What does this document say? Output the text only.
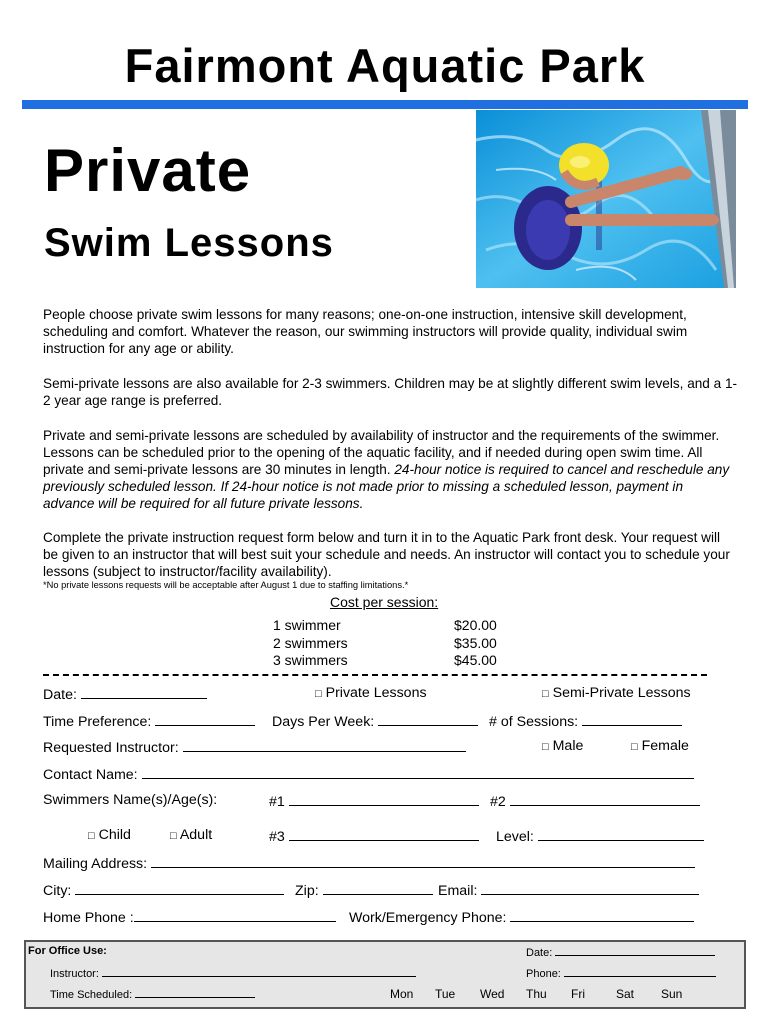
Fairmont Aquatic Park
Private
Swim Lessons

People choose private swim lessons for many reasons; one-on-one instruction, intensive skill development, scheduling and comfort. Whatever the reason, our swimming instructors will provide quality, individual swim instruction for any age or ability.

Semi-private lessons are also available for 2-3 swimmers. Children may be at slightly different swim levels, and a 1-2 year age range is preferred.

Private and semi-private lessons are scheduled by availability of instructor and the requirements of the swimmer. Lessons can be scheduled prior to the opening of the aquatic facility, and if needed during open swim time. All private and semi-private lessons are 30 minutes in length. 24-hour notice is required to cancel and reschedule any previously scheduled lesson. If 24-hour notice is not made prior to missing a scheduled lesson, payment in advance will be required for all future private lessons.

Complete the private instruction request form below and turn it in to the Aquatic Park front desk. Your request will be given to an instructor that will best suit your schedule and needs. An instructor will contact you to schedule your lessons (subject to instructor/facility availability).

*No private lessons requests will be acceptable after August 1 due to staffing limitations.*
Cost per session:
1 swimmer	$20.00
2 swimmers	$35.00
3 swimmers	$45.00
Date:	□ Private Lessons	□ Semi-Private Lessons
Time Preference:	Days Per Week:	# of Sessions:
Requested Instructor:	□ Male	□ Female
Contact Name:
Swimmers Name(s)/Age(s):	#1	#2
□ Child	□ Adult	#3	Level:
Mailing Address:
City:	Zip:	Email:
Home Phone :	Work/Emergency Phone:
For Office Use:	Date:
Instructor:	Phone:
Time Scheduled:	Mon Tue Wed Thu Fri	Sat Sun
